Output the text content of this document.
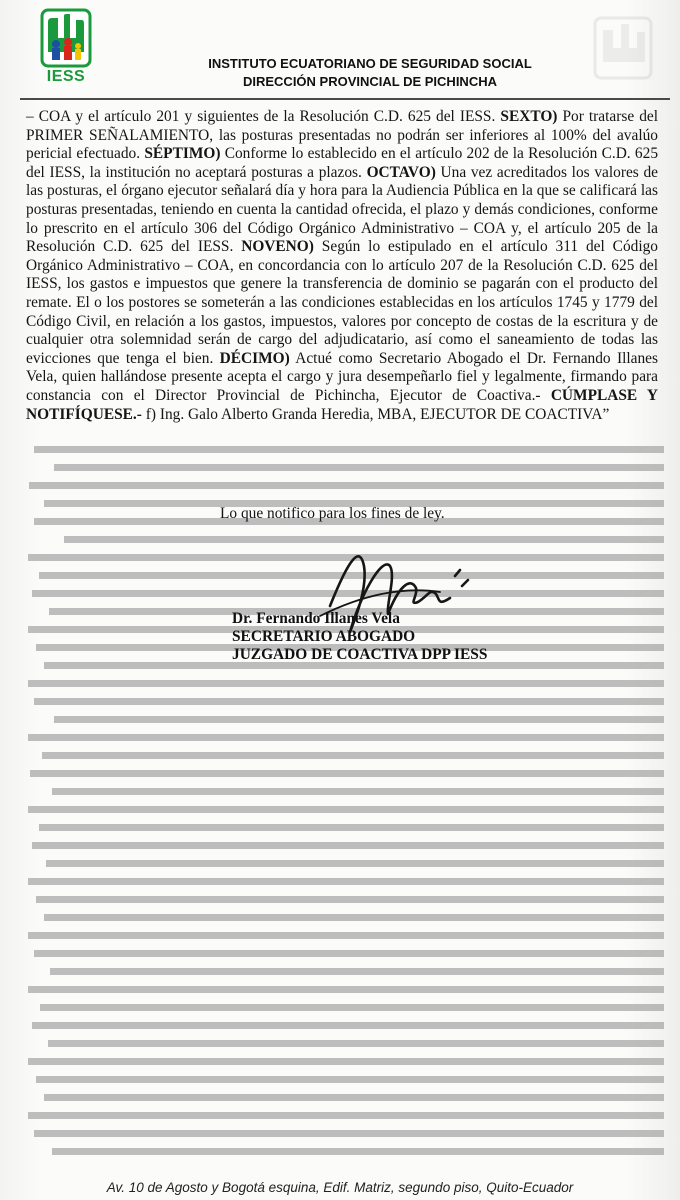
IESS
INSTITUTO ECUATORIANO DE SEGURIDAD SOCIAL
DIRECCIÓN PROVINCIAL DE PICHINCHA
– COA y el artículo 201 y siguientes de la Resolución C.D. 625 del IESS. SEXTO) Por tratarse del PRIMER SEÑALAMIENTO, las posturas presentadas no podrán ser inferiores al 100% del avalúo pericial efectuado. SÉPTIMO) Conforme lo establecido en el artículo 202 de la Resolución C.D. 625 del IESS, la institución no aceptará posturas a plazos. OCTAVO) Una vez acreditados los valores de las posturas, el órgano ejecutor señalará día y hora para la Audiencia Pública en la que se calificará las posturas presentadas, teniendo en cuenta la cantidad ofrecida, el plazo y demás condiciones, conforme lo prescrito en el artículo 306 del Código Orgánico Administrativo – COA y, el artículo 205 de la Resolución C.D. 625 del IESS. NOVENO) Según lo estipulado en el artículo 311 del Código Orgánico Administrativo – COA, en concordancia con lo artículo 207 de la Resolución C.D. 625 del IESS, los gastos e impuestos que genere la transferencia de dominio se pagarán con el producto del remate. El o los postores se someterán a las condiciones establecidas en los artículos 1745 y 1779 del Código Civil, en relación a los gastos, impuestos, valores por concepto de costas de la escritura y de cualquier otra solemnidad serán de cargo del adjudicatario, así como el saneamiento de todas las evicciones que tenga el bien. DÉCIMO) Actué como Secretario Abogado el Dr. Fernando Illanes Vela, quien hallándose presente acepta el cargo y jura desempeñarlo fiel y legalmente, firmando para constancia con el Director Provincial de Pichincha, Ejecutor de Coactiva.- CÚMPLASE Y NOTIFÍQUESE.- f) Ing. Galo Alberto Granda Heredia, MBA, EJECUTOR DE COACTIVA”
Lo que notifico para los fines de ley.
Dr. Fernando Illanes Vela
SECRETARIO ABOGADO
JUZGADO DE COACTIVA DPP IESS
Av. 10 de Agosto y Bogotá esquina, Edif. Matriz, segundo piso, Quito-Ecuador
